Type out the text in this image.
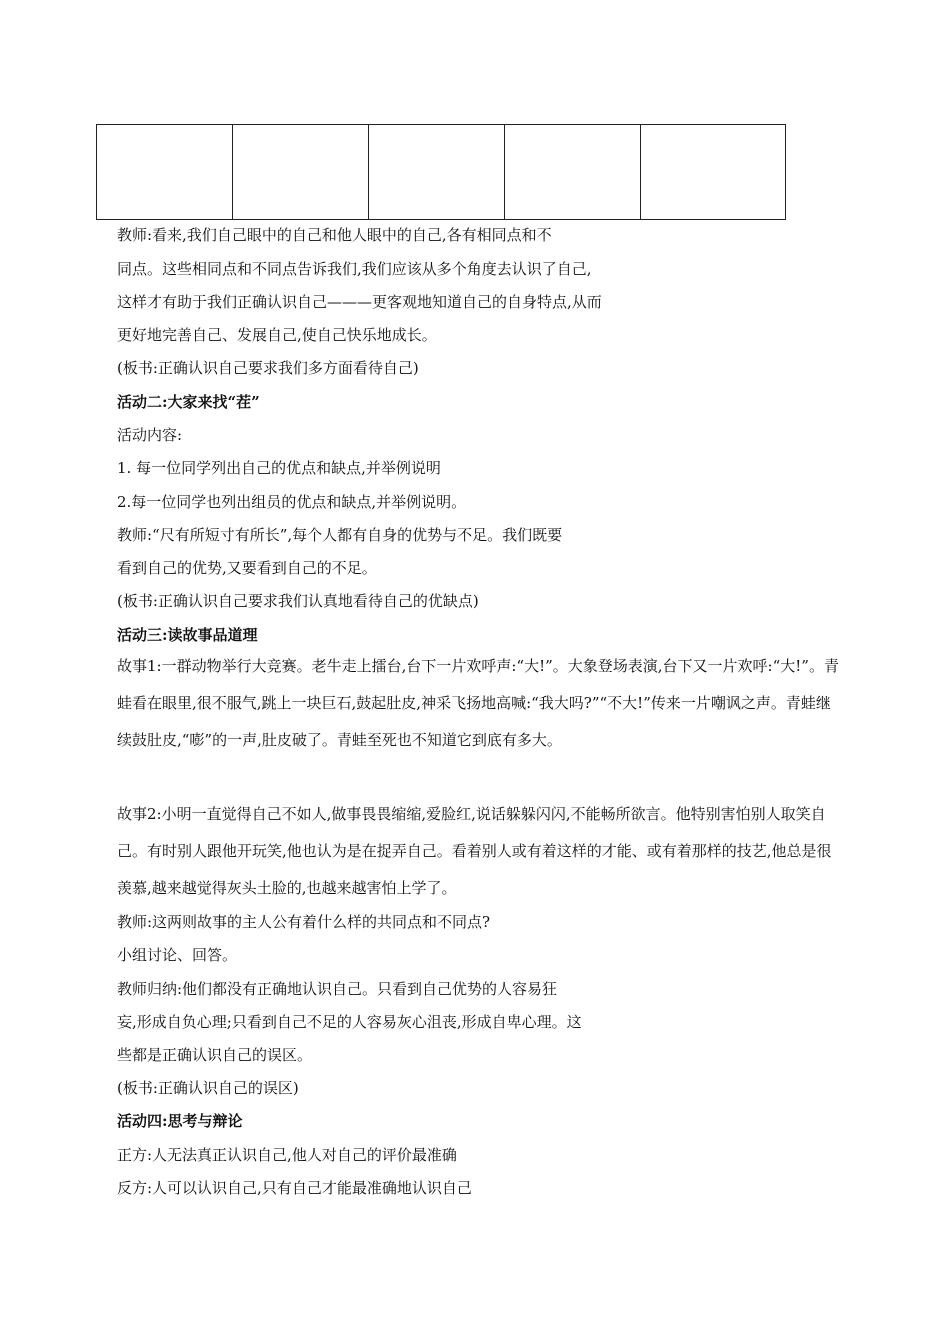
教师:看来,我们自己眼中的自己和他人眼中的自己,各有相同点和不
同点。这些相同点和不同点告诉我们,我们应该从多个角度去认识了自己,
这样才有助于我们正确认识自己———更客观地知道自己的自身特点,从而
更好地完善自己、发展自己,使自己快乐地成长。
(板书:正确认识自己要求我们多方面看待自己)
活动二:大家来找“茬”
活动内容:
1. 每一位同学列出自己的优点和缺点,并举例说明
2.每一位同学也列出组员的优点和缺点,并举例说明。
教师:“尺有所短寸有所长”,每个人都有自身的优势与不足。我们既要
看到自己的优势,又要看到自己的不足。
(板书:正确认识自己要求我们认真地看待自己的优缺点)
活动三:读故事品道理
故事1:一群动物举行大竞赛。老牛走上擂台,台下一片欢呼声:“大!”。大象登场表演,台下又一片欢呼:“大!”。青蛙看在眼里,很不服气,跳上一块巨石,鼓起肚皮,神采飞扬地高喊:“我大吗?”“不大!”传来一片嘲讽之声。青蛙继续鼓肚皮,“嘭”的一声,肚皮破了。青蛙至死也不知道它到底有多大。
故事2:小明一直觉得自己不如人,做事畏畏缩缩,爱脸红,说话躲躲闪闪,不能畅所欲言。他特别害怕别人取笑自己。有时别人跟他开玩笑,他也认为是在捉弄自己。看着别人或有着这样的才能、或有着那样的技艺,他总是很羡慕,越来越觉得灰头土脸的,也越来越害怕上学了。
教师:这两则故事的主人公有着什么样的共同点和不同点?
小组讨论、回答。
教师归纳:他们都没有正确地认识自己。只看到自己优势的人容易狂
妄,形成自负心理;只看到自己不足的人容易灰心沮丧,形成自卑心理。这
些都是正确认识自己的误区。
(板书:正确认识自己的误区)
活动四:思考与辩论
正方:人无法真正认识自己,他人对自己的评价最准确
反方:人可以认识自己,只有自己才能最准确地认识自己
